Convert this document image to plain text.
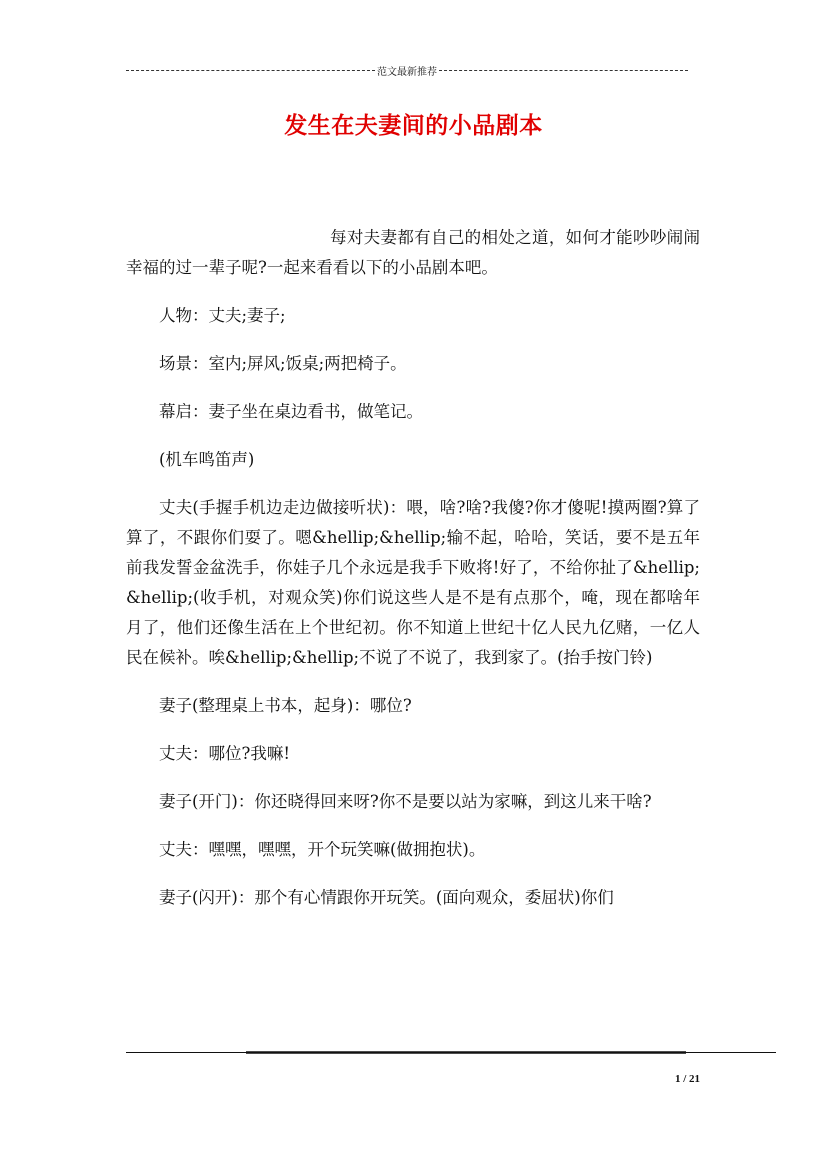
范文最新推荐
发生在夫妻间的小品剧本

每对夫妻都有自己的相处之道，如何才能吵吵闹闹幸福的过一辈子呢?一起来看看以下的小品剧本吧。

人物：丈夫;妻子;

场景：室内;屏风;饭桌;两把椅子。

幕启：妻子坐在桌边看书，做笔记。

(机车鸣笛声)

丈夫(手握手机边走边做接听状)：喂，啥?啥?我傻?你才傻呢!摸两圈?算了算了，不跟你们耍了。嗯&hellip;&hellip;输不起，哈哈，笑话，要不是五年前我发誓金盆洗手，你娃子几个永远是我手下败将!好了，不给你扯了&hellip;&hellip;(收手机，对观众笑)你们说这些人是不是有点那个，唵，现在都啥年月了，他们还像生活在上个世纪初。你不知道上世纪十亿人民九亿赌，一亿人民在候补。唉&hellip;&hellip;不说了不说了，我到家了。(抬手按门铃)

妻子(整理桌上书本，起身)：哪位?

丈夫：哪位?我嘛!

妻子(开门)：你还晓得回来呀?你不是要以站为家嘛，到这儿来干啥?

丈夫：嘿嘿，嘿嘿，开个玩笑嘛(做拥抱状)。

妻子(闪开)：那个有心情跟你开玩笑。(面向观众，委屈状)你们

1 / 21
